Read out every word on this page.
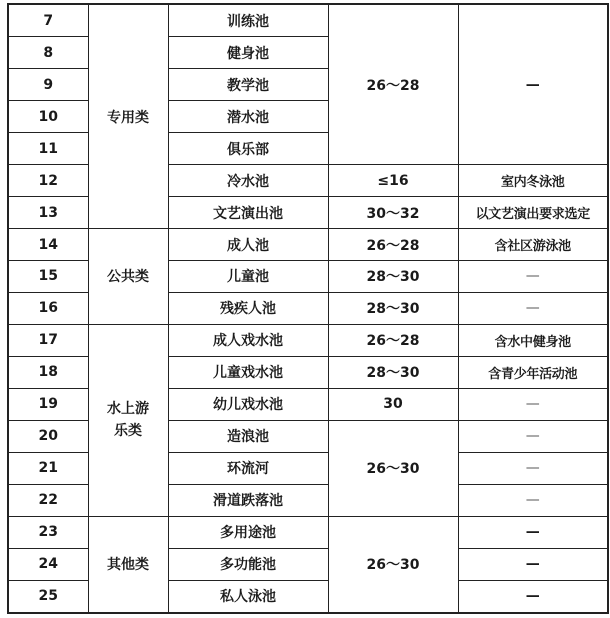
7	专用类	训练池	26～28	—
8		健身池		
9		教学池		
10		潜水池		
11		俱乐部		
12		冷水池	≤16	室内冬泳池
13		文艺演出池	30～32	以文艺演出要求选定
14	公共类	成人池	26～28	含社区游泳池
15		儿童池	28～30	—
16		残疾人池	28～30	—
17	水上游乐类	成人戏水池	26～28	含水中健身池
18		儿童戏水池	28～30	含青少年活动池
19		幼儿戏水池	30	—
20		造浪池	26～30	—
21		环流河		—
22		滑道跌落池		—
23	其他类	多用途池	26～30	—
24		多功能池		—
25		私人泳池		—
